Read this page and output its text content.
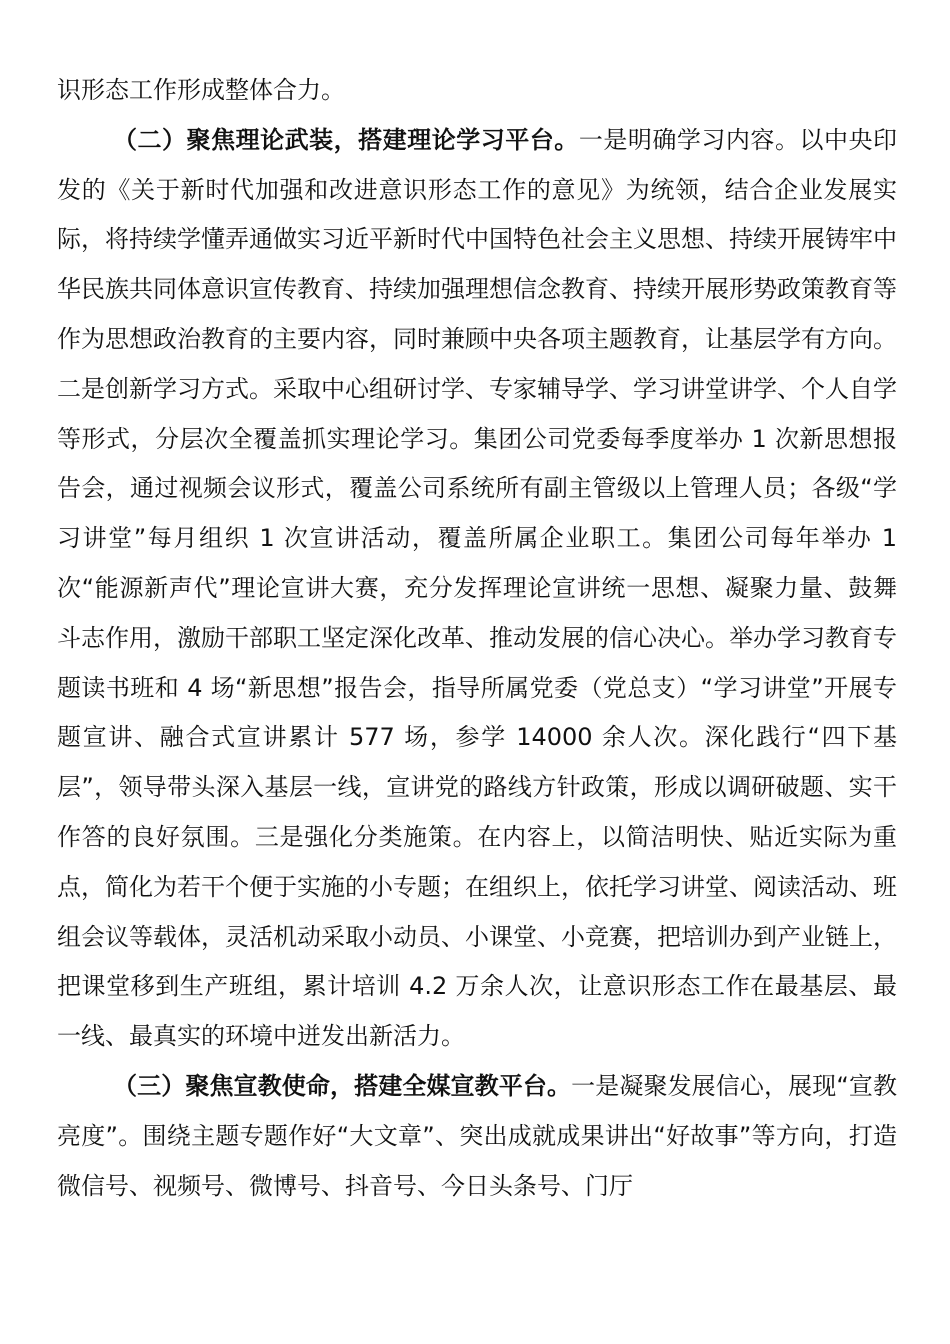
识形态工作形成整体合力。

（二）聚焦理论武装，搭建理论学习平台。一是明确学习内容。以中央印发的《关于新时代加强和改进意识形态工作的意见》为统领，结合企业发展实际，将持续学懂弄通做实习近平新时代中国特色社会主义思想、持续开展铸牢中华民族共同体意识宣传教育、持续加强理想信念教育、持续开展形势政策教育等作为思想政治教育的主要内容，同时兼顾中央各项主题教育，让基层学有方向。二是创新学习方式。采取中心组研讨学、专家辅导学、学习讲堂讲学、个人自学等形式，分层次全覆盖抓实理论学习。集团公司党委每季度举办 1 次新思想报告会，通过视频会议形式，覆盖公司系统所有副主管级以上管理人员；各级“学习讲堂”每月组织 1 次宣讲活动，覆盖所属企业职工。集团公司每年举办 1 次“能源新声代”理论宣讲大赛，充分发挥理论宣讲统一思想、凝聚力量、鼓舞斗志作用，激励干部职工坚定深化改革、推动发展的信心决心。举办学习教育专题读书班和 4 场“新思想”报告会，指导所属党委（党总支）“学习讲堂”开展专题宣讲、融合式宣讲累计 577 场，参学 14000 余人次。深化践行“四下基层”，领导带头深入基层一线，宣讲党的路线方针政策，形成以调研破题、实干作答的良好氛围。三是强化分类施策。在内容上，以简洁明快、贴近实际为重点，简化为若干个便于实施的小专题；在组织上，依托学习讲堂、阅读活动、班组会议等载体，灵活机动采取小动员、小课堂、小竞赛，把培训办到产业链上，把课堂移到生产班组，累计培训 4.2 万余人次，让意识形态工作在最基层、最一线、最真实的环境中迸发出新活力。

（三）聚焦宣教使命，搭建全媒宣教平台。一是凝聚发展信心，展现“宣教亮度”。围绕主题专题作好“大文章”、突出成就成果讲出“好故事”等方向，打造微信号、视频号、微博号、抖音号、今日头条号、门厅
